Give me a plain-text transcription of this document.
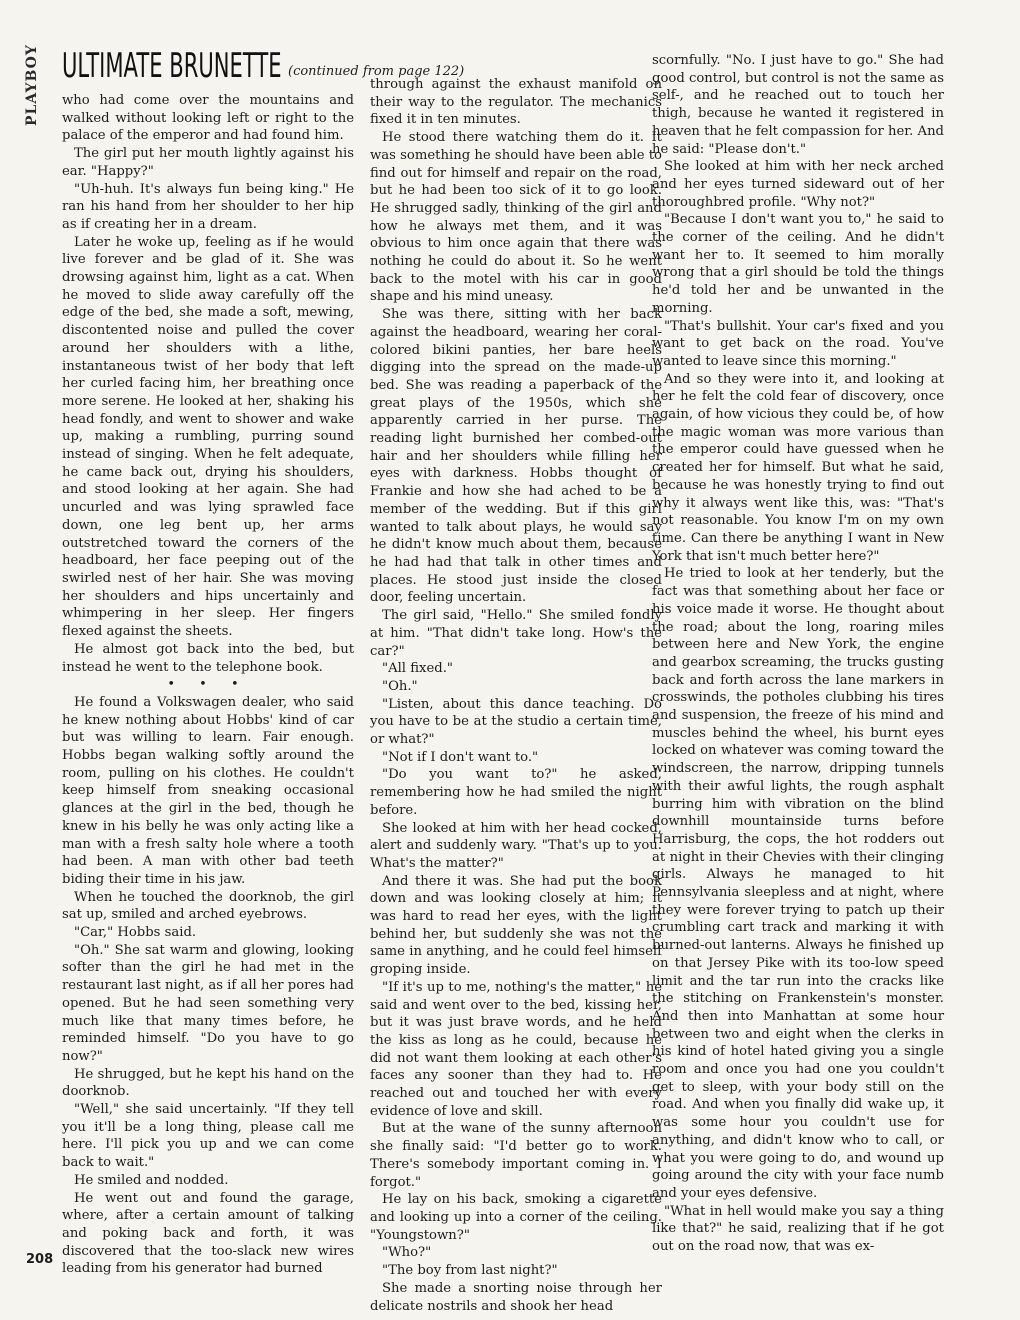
PLAYBOY ULTIMATE BRUNETTE (continued from page 122)

who had come over the mountains and walked without looking left or right to the palace of the emperor and had found him.

The girl put her mouth lightly against his ear. "Happy?"

"Uh-huh. It's always fun being king." He ran his hand from her shoulder to her hip as if creating her in a dream.

Later he woke up, feeling as if he would live forever and be glad of it. She was drowsing against him, light as a cat. When he moved to slide away carefully off the edge of the bed, she made a soft, mewing, discontented noise and pulled the cover around her shoulders with a lithe, instantaneous twist of her body that left her curled facing him, her breathing once more serene. He looked at her, shaking his head fondly, and went to shower and wake up, making a rumbling, purring sound instead of singing. When he felt adequate, he came back out, drying his shoulders, and stood looking at her again. She had uncurled and was lying sprawled face down, one leg bent up, her arms outstretched toward the corners of the headboard, her face peeping out of the swirled nest of her hair. She was moving her shoulders and hips uncertainly and whimpering in her sleep. Her fingers flexed against the sheets.

He almost got back into the bed, but instead he went to the telephone book.

• • •

He found a Volkswagen dealer, who said he knew nothing about Hobbs' kind of car but was willing to learn. Fair enough. Hobbs began walking softly around the room, pulling on his clothes. He couldn't keep himself from sneaking occasional glances at the girl in the bed, though he knew in his belly he was only acting like a man with a fresh salty hole where a tooth had been. A man with other bad teeth biding their time in his jaw.

When he touched the doorknob, the girl sat up, smiled and arched eyebrows.

"Car," Hobbs said.

"Oh." She sat warm and glowing, looking softer than the girl he had met in the restaurant last night, as if all her pores had opened. But he had seen something very much like that many times before, he reminded himself. "Do you have to go now?"

He shrugged, but he kept his hand on the doorknob.

"Well," she said uncertainly. "If they tell you it'll be a long thing, please call me here. I'll pick you up and we can come back to wait."

He smiled and nodded.

He went out and found the garage, where, after a certain amount of talking and poking back and forth, it was discovered that the too-slack new wires leading from his generator had burned

through against the exhaust manifold on their way to the regulator. The mechanics fixed it in ten minutes.

He stood there watching them do it. It was something he should have been able to find out for himself and repair on the road, but he had been too sick of it to go look. He shrugged sadly, thinking of the girl and how he always met them, and it was obvious to him once again that there was nothing he could do about it. So he went back to the motel with his car in good shape and his mind uneasy.

She was there, sitting with her back against the headboard, wearing her coral-colored bikini panties, her bare heels digging into the spread on the made-up bed. She was reading a paperback of the great plays of the 1950s, which she apparently carried in her purse. The reading light burnished her combed-out hair and her shoulders while filling her eyes with darkness. Hobbs thought of Frankie and how she had ached to be a member of the wedding. But if this girl wanted to talk about plays, he would say he didn't know much about them, because he had had that talk in other times and places. He stood just inside the closed door, feeling uncertain.

The girl said, "Hello." She smiled fondly at him. "That didn't take long. How's the car?"

"All fixed."

"Oh."

"Listen, about this dance teaching. Do you have to be at the studio a certain time, or what?"

"Not if I don't want to."

"Do you want to?" he asked, remembering how he had smiled the night before.

She looked at him with her head cocked, alert and suddenly wary. "That's up to you. What's the matter?"

And there it was. She had put the book down and was looking closely at him; it was hard to read her eyes, with the light behind her, but suddenly she was not the same in anything, and he could feel himself groping inside.

"If it's up to me, nothing's the matter," he said and went over to the bed, kissing her, but it was just brave words, and he held the kiss as long as he could, because he did not want them looking at each other's faces any sooner than they had to. He reached out and touched her with every evidence of love and skill.

But at the wane of the sunny afternoon she finally said: "I'd better go to work. There's somebody important coming in. I forgot."

He lay on his back, smoking a cigarette and looking up into a corner of the ceiling. "Youngstown?"

"Who?"

"The boy from last night?"

She made a snorting noise through her delicate nostrils and shook her head

scornfully. "No. I just have to go." She had good control, but control is not the same as self-, and he reached out to touch her thigh, because he wanted it registered in heaven that he felt compassion for her. And he said: "Please don't."

She looked at him with her neck arched and her eyes turned sideward out of her thoroughbred profile. "Why not?"

"Because I don't want you to," he said to the corner of the ceiling. And he didn't want her to. It seemed to him morally wrong that a girl should be told the things he'd told her and be unwanted in the morning.

"That's bullshit. Your car's fixed and you want to get back on the road. You've wanted to leave since this morning."

And so they were into it, and looking at her he felt the cold fear of discovery, once again, of how vicious they could be, of how the magic woman was more various than the emperor could have guessed when he created her for himself. But what he said, because he was honestly trying to find out why it always went like this, was: "That's not reasonable. You know I'm on my own time. Can there be anything I want in New York that isn't much better here?"

He tried to look at her tenderly, but the fact was that something about her face or his voice made it worse. He thought about the road; about the long, roaring miles between here and New York, the engine and gearbox screaming, the trucks gusting back and forth across the lane markers in crosswinds, the potholes clubbing his tires and suspension, the freeze of his mind and muscles behind the wheel, his burnt eyes locked on whatever was coming toward the windscreen, the narrow, dripping tunnels with their awful lights, the rough asphalt burring him with vibration on the blind downhill mountainside turns before Harrisburg, the cops, the hot rodders out at night in their Chevies with their clinging girls. Always he managed to hit Pennsylvania sleepless and at night, where they were forever trying to patch up their crumbling cart track and marking it with burned-out lanterns. Always he finished up on that Jersey Pike with its too-low speed limit and the tar run into the cracks like the stitching on Frankenstein's monster. And then into Manhattan at some hour between two and eight when the clerks in his kind of hotel hated giving you a single room and once you had one you couldn't get to sleep, with your body still on the road. And when you finally did wake up, it was some hour you couldn't use for anything, and didn't know who to call, or what you were going to do, and wound up going around the city with your face numb and your eyes defensive.

"What in hell would make you say a thing like that?" he said, realizing that if he got out on the road now, that was ex-

208
